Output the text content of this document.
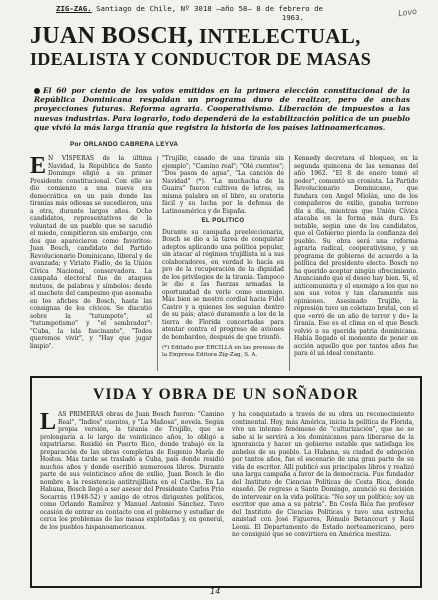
ZIG-ZAG. Santiago de Chile, Nº 3018 —año 58— 8 de febrero de
1963.	Lovo
JUAN BOSCH, INTELECTUAL,
IDEALISTA Y CONDUCTOR DE MASAS
El 60 por ciento de los votos emitidos en la primera elección constitucional de la República Dominicana respaldan un programa duro de realizar, pero de anchas proyecciones futuras. Reforma agraria. Cooperativismo. Liberación de impuestos a las nuevas industrias. Para lograrlo, todo dependerá de la estabilización política de un pueblo que vivió la más larga tiranía que registra la historia de los países latinoamericanos.
Por ORLANDO CABRERA LEYVA
E N VÍSPERAS de la última Navidad, la República de Santo Domingo eligió a su primer Presidente constitucional. Con ello se dio comienzo a una nueva era democrática en un país donde las tiranías más odiosas se sucedieron, una a otra, durante largos años. Ocho candidatos, representativos de la voluntad de un pueblo que se sacudió el miedo, compitieron sin embargo, con dos que aparecieron como favoritos: Juan Bosch, candidato del Partido Revolucionario Dominicano, liberal y de avanzada; y Viriato Fiallo, de la Unión Cívica Nacional, conservadora. La campaña electoral fue de ataques mutuos, de palabras y símbolos: desde el machete del campesino que asomaba en los afiches de Bosch, hasta las consignas de los cívicos. Se discutió sobre la "tutumpote", el "tutumpotismo" y "el sembrador": "Cuba, la isla fascinante", "Todos queremos vivir", y "Hay que jugar limpio".

"Trujillo, casado de una tiranía sin ejemplo"; "Camino real"; "Olé cuentos"; "Dos pasos de agua", "La canción de Navidad" (*). "La muchacha de la Guaira" fueron cultivos de letras, su misma palabra en el libro, su oratoria fácil y su lucha por la defensa de Latinoamérica y de España.

EL POLITICO

Durante su campaña preeleccionaria, Bosch se dio a la tarea de conquistar adeptos aplicando una política popular, sin atacar al régimen trujillista ni a sus colaboradores, en verdad lo hacía en pro de la recuperación de la dignidad de los privilegios de la tiranía. Tampoco le dio a las fuerzas armadas la oportunidad de verle como enemigo. Más bien se mostró cordial hacia Fidel Castro y a quienes los seguían dentro de su país; atacó duramente a los de la tierra de Florida concertadas para atentar contra el progreso de aviones de bombardeo, después de que triunfó.

(*) Editado por ERCILLA en las prensas de la Empresa Editora Zig-Zag, S. A.

Kennedy decretara el bloqueo, en la segunda quincena de las semanas del año 1962. "El 8 de enero tomó el poder", comentó un cronista. La Partido Revolucionario Dominicano, que fundara con Angel Miolán, uno de los compañeros de exilio, ganaba terreno día a día, mientras que Unión Cívica atacaba en la forma más dura. Es notable, según uno de los candidatos, que el Gobierno pierda la confianza del pueblo. Su obra será una reforma agraria radical, cooperativismo, y un programa de gobierno de acuerdo a la política del presidente electo. Bosch no ha querido aceptar ningún ofrecimiento. Anunciando que el deseo hay bien. Sí, el anticomunista y el enemigo a los que no son sus votos y tan claramente sus opiniones. Asesinado Trujillo, la represión tuvo un coletazo brutal, con el que «erró de un año de terror y de» la tiranía. Ese es el clima en el que Bosch volvió a su querida patria dominicana. Había llegado el momento de poner en acción aquello que por tantos años fue para él un ideal constante.

VIDA Y OBRA DE UN SOÑADOR
L AS PRIMERAS obras de Juan Bosch fueron: "Camino Real", "Indios" cuentos, y "La Mañosa", novela. Según propia versión, la tiranía de Trujillo, que se prolongaría a lo largo de veinticinco años, lo obligó a expatriarse. Residió en Puerto Rico, donde trabajó en la preparación de las obras completas de Eugenio María de Hostos. Más tarde se trasladó a Cuba, país donde residió muchos años y donde escribió numerosos libros. Durante parte de sus veinticinco años de exilio, Juan Bosch le dio nombre a la resistencia antitrujillista en el Caribe. En La Habana, Bosch llegó a ser asesor del Presidente Carlos Prío Socarrás (1948-52) y amigo de otros dirigentes políticos, como Orlando Ramírez y Manuel Antonio Sánchez. Tuvo ocasión de entrar en contacto con el gobierno y estudiar de cerca los problemas de las masas explotadas y, en general, de los pueblos hispanoamericanos.

y ha conquistado a través de su obra un reconocimiento continental. Hoy, más América, inicia la política de Florida, vive un intenso fenómeno de "culturización", que no se sabe si le servirá a los dominicanos para liberarse de la ignorancia y hacer un gobierno estable que satisfaga los anhelos de su pueblo. La Habana, su ciudad de adopción por tantos años, fue el escenario de una gran parte de su vida de escritor. Allí publicó sus principales libros y realizó una larga campaña a favor de la democracia. Fue fundador del Instituto de Ciencias Políticas de Costa Rica, donde enseñó. De regreso a Santo Domingo, anunció su decisión de intervenir en la vida política: "No soy un político; soy un escritor que ama a su patria". En Costa Rica fue profesor del Instituto de Ciencias Políticas y tuvo una estrecha amistad con José Figueres, Rómulo Betancourt y Raúl Leoni. El Departamento de Estado norteamericano, pero no consiguió que se convirtiera en América mestiza.

14
